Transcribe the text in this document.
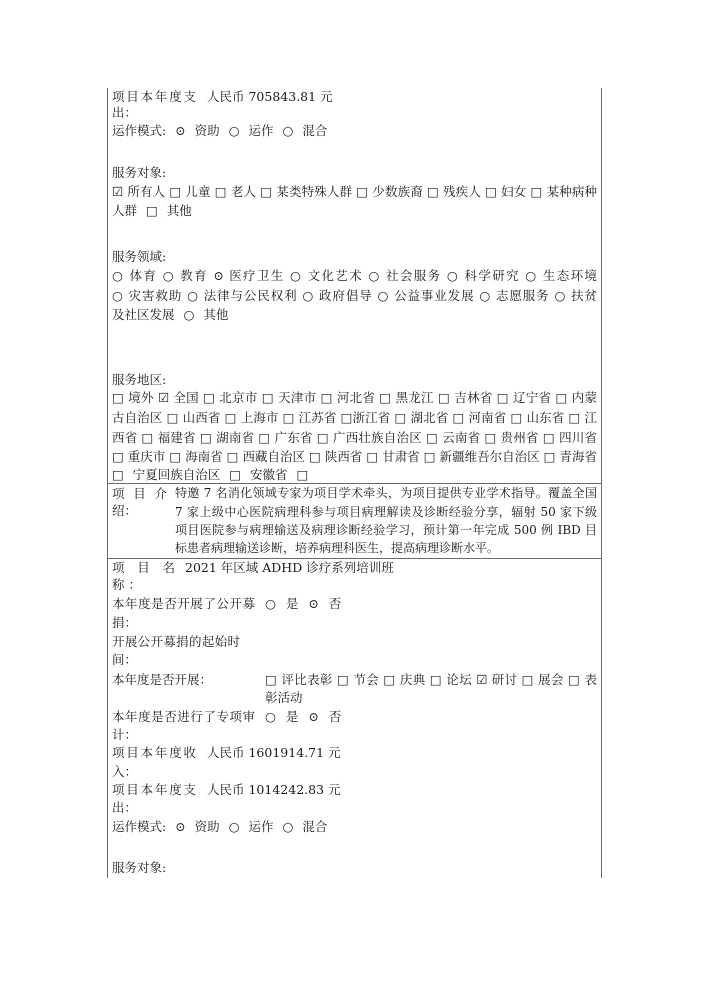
项目本年度支 人民币 705843.81 元
出：
运作模式: ⊙ 资助 ○ 运作 ○ 混合
服务对象:
☑ 所有人 □ 儿童 □ 老人 □ 某类特殊人群 □ 少数族裔 □ 残疾人 □ 妇女 □ 某种病种
人群 □ 其他
服务领域:
○ 体育 ○ 教育 ⊙ 医疗卫生 ○ 文化艺术 ○ 社会服务 ○ 科学研究 ○ 生态环境
○ 灾害救助 ○ 法律与公民权利 ○ 政府倡导 ○ 公益事业发展 ○ 志愿服务 ○ 扶贫
及社区发展 ○ 其他
服务地区:
□ 境外 ☑ 全国 □ 北京市 □ 天津市 □ 河北省 □ 黑龙江 □ 吉林省 □ 辽宁省 □ 内蒙
古自治区 □ 山西省 □ 上海市 □ 江苏省 □浙江省 □ 湖北省 □ 河南省 □ 山东省 □ 江
西省 □ 福建省 □ 湖南省 □ 广东省 □ 广西壮族自治区 □ 云南省 □ 贵州省 □ 四川省
□ 重庆市 □ 海南省 □ 西藏自治区 □ 陕西省 □ 甘肃省 □ 新疆维吾尔自治区 □ 青海省
□ 宁夏回族自治区 □ 安徽省 □
项 目 介
绍：
特邀 7 名消化领域专家为项目学术牵头，为项目提供专业学术指导。覆盖全国
7 家上级中心医院病理科参与项目病理解读及诊断经验分享，辐射 50 家下级
项目医院参与病理输送及病理诊断经验学习，预计第一年完成 500 例 IBD 目
标患者病理输送诊断，培养病理科医生，提高病理诊断水平。
项 目 名 2021 年区域 ADHD 诊疗系列培训班
称 ：
本年度是否开展了公开募 ○ 是 ⊙ 否
捐：
开展公开募捐的起始时
间：
本年度是否开展：	□ 评比表彰 □ 节会 □ 庆典 □ 论坛 ☑ 研讨 □ 展会 □ 表
彰活动
本年度是否进行了专项审 ○ 是 ⊙ 否
计：
项目本年度收 人民币 1601914.71 元
入：
项目本年度支 人民币 1014242.83 元
出：
运作模式: ⊙ 资助 ○ 运作 ○ 混合
服务对象:
